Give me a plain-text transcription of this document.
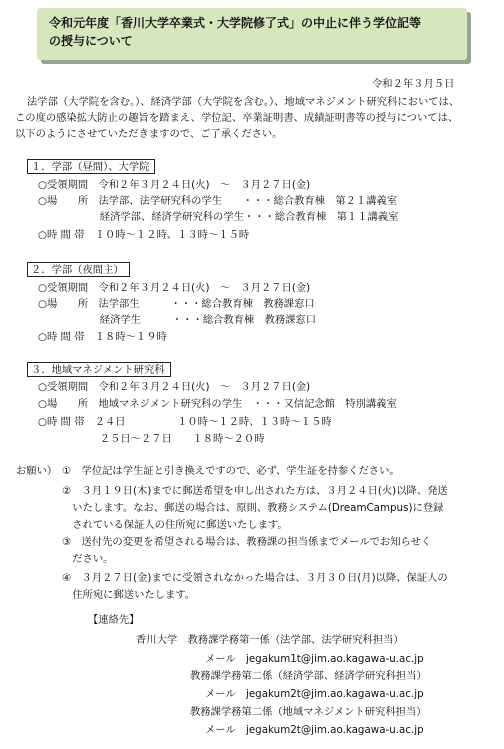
令和元年度「香川大学卒業式・大学院修了式」の中止に伴う学位記等
の授与について
令和２年３月５日
法学部（大学院を含む。）、経済学部（大学院を含む。）、地域マネジメント研究科においては、
この度の感染拡大防止の趣旨を踏まえ、学位記、卒業証明書、成績証明書等の授与については、
以下のようにさせていただきますので、ご了承ください。
１．学部（昼間）、大学院
○受領期間　令和２年３月２４日(火)　～　３月２７日(金)
○場　　所　法学部、法学研究科の学生　　・・・総合教育棟　第２１講義室
　　　　　　経済学部、経済学研究科の学生・・・総合教育棟　第１１講義室
○時 間 帯　１０時～１２時、１３時～１５時
２．学部（夜間主）
○受領期間　令和２年３月２４日(火)　～　３月２７日(金)
○場　　所　法学部生　　　・・・総合教育棟　教務課窓口
　　　　　　経済学生　　　・・・総合教育棟　教務課窓口
○時 間 帯　１８時～１９時
３．地域マネジメント研究科
○受領期間　令和２年３月２４日(火)　～　３月２７日(金)
○場　　所　地域マネジメント研究科の学生　・・・又信記念館　特別講義室
○時 間 帯　２４日　　　　　１０時～１２時、１３時～１５時
　　　　　　２５日～２７日　　１８時～２０時
お願い） ①　学位記は学生証と引き換えですので、必ず、学生証を持参ください。
②　３月１９日(木)までに郵送希望を申し出された方は、３月２４日(火)以降、発送
　いたします。なお、郵送の場合は、原則、教務システム(DreamCampus)に登録
　されている保証人の住所宛に郵送いたします。
③　送付先の変更を希望される場合は、教務課の担当係までメールでお知らせく
　ださい。
④　３月２７日(金)までに受領されなかった場合は、３月３０日(月)以降、保証人の
　住所宛に郵送いたします。
【連絡先】
香川大学　教務課学務第一係（法学部、法学研究科担当）
メール　jegakum1t@jim.ao.kagawa-u.ac.jp
教務課学務第二係（経済学部、経済学研究科担当）
メール　jegakum2t@jim.ao.kagawa-u.ac.jp
教務課学務第二係（地域マネジメント研究科担当）
メール　jegakum2t@jim.ao.kagawa-u.ac.jp
